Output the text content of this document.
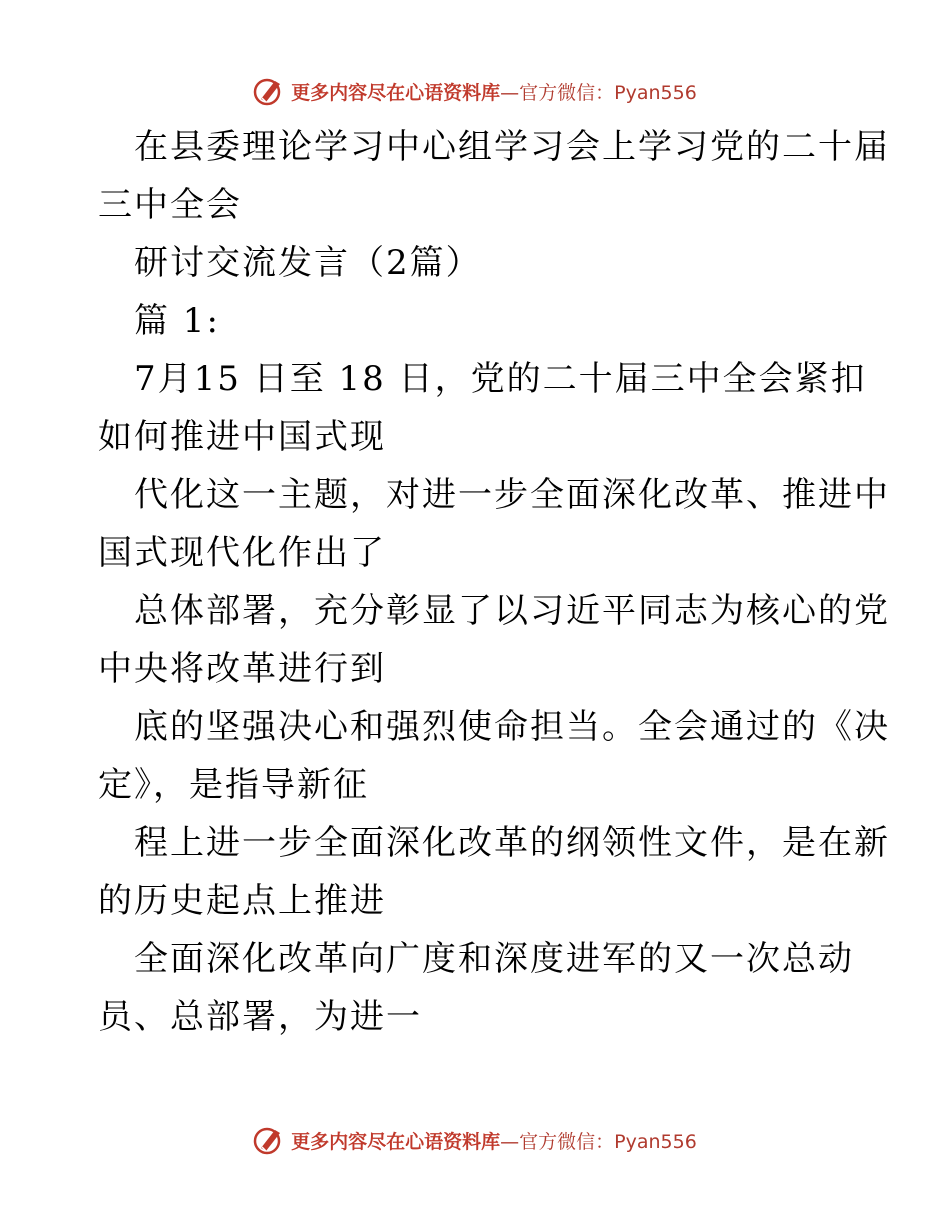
更多内容尽在心语资料库—官方微信：Pyan556
在县委理论学习中心组学习会上学习党的二十届
三中全会
研讨交流发言（2篇）
篇 1:
7月15 日至 18 日，党的二十届三中全会紧扣
如何推进中国式现
代化这一主题，对进一步全面深化改革、推进中
国式现代化作出了
总体部署，充分彰显了以习近平同志为核心的党
中央将改革进行到
底的坚强决心和强烈使命担当。全会通过的《决
定》，是指导新征
程上进一步全面深化改革的纲领性文件，是在新
的历史起点上推进
全面深化改革向广度和深度进军的又一次总动
员、总部署，为进一
更多内容尽在心语资料库—官方微信：Pyan556
